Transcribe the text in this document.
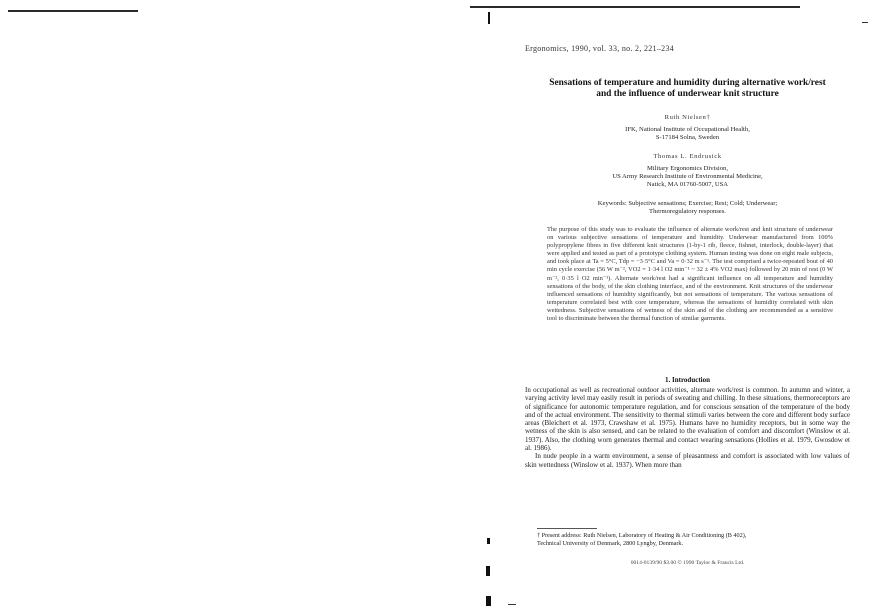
Ergonomics, 1990, vol. 33, no. 2, 221–234
Sensations of temperature and humidity during alternative work/rest
and the influence of underwear knit structure
Ruth Nielsen†
IFK, National Institute of Occupational Health,
S-17184 Solna, Sweden
Thomas L. Endrusick
Military Ergonomics Division,
US Army Research Institute of Environmental Medicine,
Natick, MA 01760-5007, USA
Keywords: Subjective sensations; Exercise; Rest; Cold; Underwear;
Thermoregulatory responses.
The purpose of this study was to evaluate the influence of alternate work/rest and knit structure of underwear on various subjective sensations of temperature and humidity. Underwear manufactured from 100% polypropylene fibres in five different knit structures (1-by-1 rib, fleece, fishnet, interlock, double-layer) that were applied and tested as part of a prototype clothing system. Human testing was done on eight male subjects, and took place at Ta = 5°C, Tdp = −3·5°C and Va = 0·32 m s⁻¹. The test comprised a twice-repeated bout of 40 min cycle exercise (56 W m⁻², VO2 = 1·34 l O2 min⁻¹ ~ 32 ± 4% VO2 max) followed by 20 min of rest (0 W m⁻², 0·35 l O2 min⁻¹). Alternate work/rest had a significant influence on all temperature and humidity sensations of the body, of the skin clothing interface, and of the environment. Knit structures of the underwear influenced sensations of humidity significantly, but not sensations of temperature. The various sensations of temperature correlated best with core temperature, whereas the sensations of humidity correlated with skin wettedness. Subjective sensations of wetness of the skin and of the clothing are recommended as a sensitive tool to discriminate between the thermal function of similar garments.
1. Introduction

In occupational as well as recreational outdoor activities, alternate work/rest is common. In autumn and winter, a varying activity level may easily result in periods of sweating and chilling. In these situations, thermoreceptors are of significance for autonomic temperature regulation, and for conscious sensation of the temperature of the body and of the actual environment. The sensitivity to thermal stimuli varies between the core and different body surface areas (Bleichert et al. 1973, Crawshaw et al. 1975). Humans have no humidity receptors, but in some way the wetness of the skin is also sensed, and can be related to the evaluation of comfort and discomfort (Winslow et al. 1937). Also, the clothing worn generates thermal and contact wearing sensations (Hollies et al. 1979, Gwosdow et al. 1986).

In nude people in a warm environment, a sense of pleasantness and comfort is associated with low values of skin wettedness (Winslow et al. 1937). When more than

† Present address: Ruth Nielsen, Laboratory of Heating & Air Conditioning (B 402),
Technical University of Denmark, 2800 Lyngby, Denmark.
0014-0139/90 $3.00 © 1990 Taylor & Francis Ltd.
